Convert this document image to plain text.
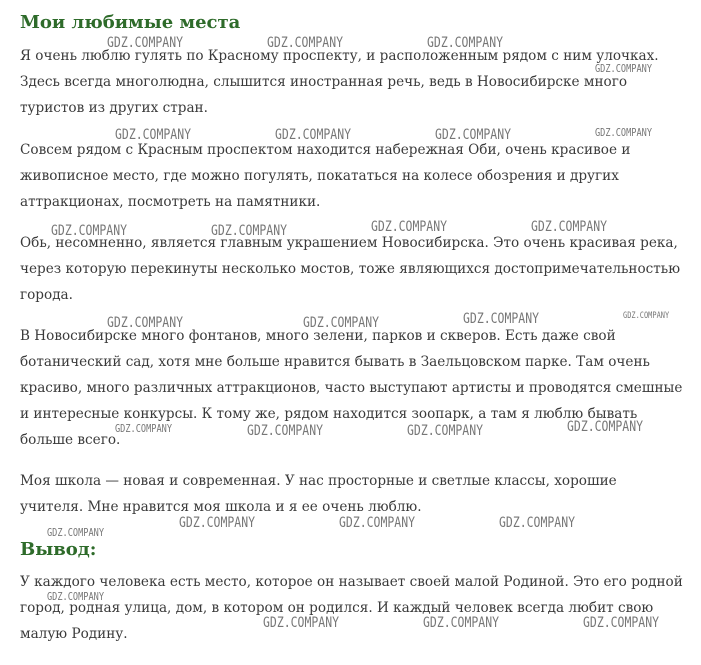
Мои любимые места

Я очень люблю гулять по Красному проспекту, и расположенным рядом с ним улочках. Здесь всегда многолюдна, слышится иностранная речь, ведь в Новосибирске много туристов из других стран.

Совсем рядом с Красным проспектом находится набережная Оби, очень красивое и живописное место, где можно погулять, покататься на колесе обозрения и других аттракционах, посмотреть на памятники.

Обь, несомненно, является главным украшением Новосибирска. Это очень красивая река, через которую перекинуты несколько мостов, тоже являющихся достопримечательностью города.

В Новосибирске много фонтанов, много зелени, парков и скверов. Есть даже свой ботанический сад, хотя мне больше нравится бывать в Заельцовском парке. Там очень красиво, много различных аттракционов, часто выступают артисты и проводятся смешные и интересные конкурсы. К тому же, рядом находится зоопарк, а там я люблю бывать больше всего.

Моя школа — новая и современная. У нас просторные и светлые классы, хорошие учителя. Мне нравится моя школа и я ее очень люблю.

Вывод:

У каждого человека есть место, которое он называет своей малой Родиной. Это его родной город, родная улица, дом, в котором он родился. И каждый человек всегда любит свою малую Родину.

GDZ.COMPANY	GDZ.COMPANY	GDZ.COMPANY
GDZ.COMPANY
GDZ.COMPANY	GDZ.COMPANY	GDZ.COMPANY	GDZ.COMPANY
GDZ.COMPANY	GDZ.COMPANY	GDZ.COMPANY	GDZ.COMPANY
GDZ.COMPANY	GDZ.COMPANY	GDZ.COMPANY	GDZ.COMPANY
GDZ.COMPANY	GDZ.COMPANY	GDZ.COMPANY	GDZ.COMPANY
GDZ.COMPANY	GDZ.COMPANY	GDZ.COMPANY
GDZ.COMPANY
GDZ.COMPANY
GDZ.COMPANY	GDZ.COMPANY	GDZ.COMPANY
